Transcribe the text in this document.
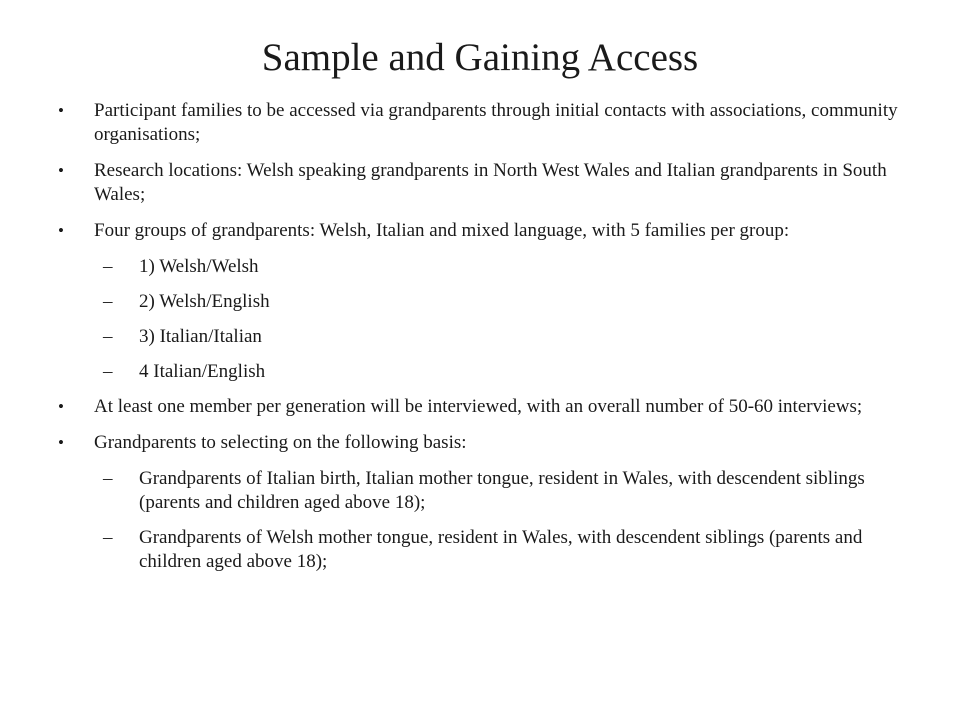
Sample and Gaining Access
•	Participant families to be accessed via grandparents through initial contacts with associations, community organisations;
•	Research locations: Welsh speaking grandparents in North West Wales and Italian grandparents in South Wales;
•	Four groups of grandparents: Welsh, Italian and mixed language, with 5 families per group:
–	1) Welsh/Welsh
–	2) Welsh/English
–	3) Italian/Italian
–	4 Italian/English
•	At least one member per generation will be interviewed, with an overall number of 50-60 interviews;
•	Grandparents to selecting on the following basis:
–	Grandparents of Italian birth, Italian mother tongue, resident in Wales, with descendent siblings (parents and children aged above 18);
–	Grandparents of Welsh mother tongue, resident in Wales, with descendent siblings (parents and children aged above 18);
